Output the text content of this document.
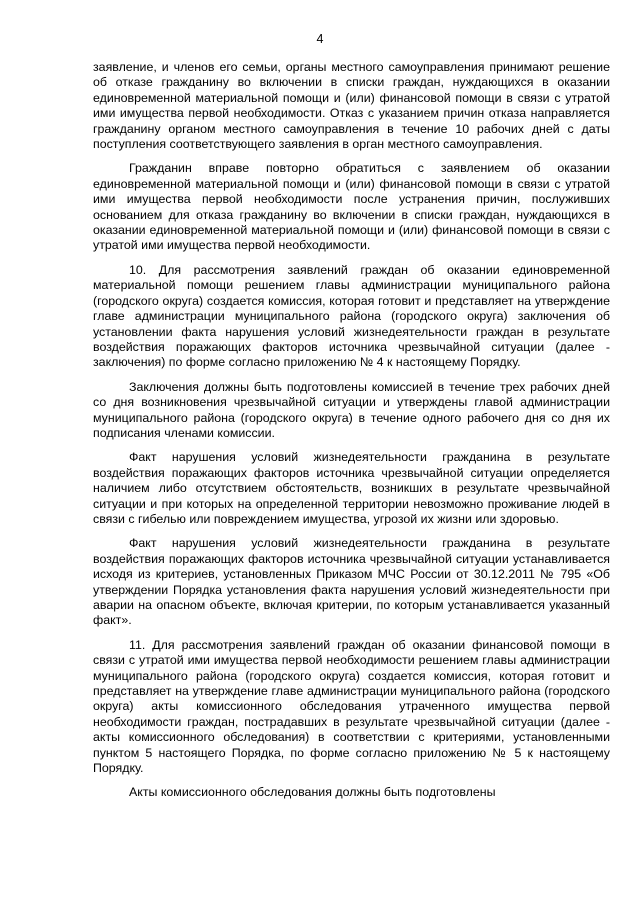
4

заявление, и членов его семьи, органы местного самоуправления принимают решение об отказе гражданину во включении в списки граждан, нуждающихся в оказании единовременной материальной помощи и (или) финансовой помощи в связи с утратой ими имущества первой необходимости. Отказ с указанием причин отказа направляется гражданину органом местного самоуправления в течение 10 рабочих дней с даты поступления соответствующего заявления в орган местного самоуправления.

Гражданин вправе повторно обратиться с заявлением об оказании единовременной материальной помощи и (или) финансовой помощи в связи с утратой ими имущества первой необходимости после устранения причин, послуживших основанием для отказа гражданину во включении в списки граждан, нуждающихся в оказании единовременной материальной помощи и (или) финансовой помощи в связи с утратой ими имущества первой необходимости.

10. Для рассмотрения заявлений граждан об оказании единовременной материальной помощи решением главы администрации муниципального района (городского округа) создается комиссия, которая готовит и представляет на утверждение главе администрации муниципального района (городского округа) заключения об установлении факта нарушения условий жизнедеятельности граждан в результате воздействия поражающих факторов источника чрезвычайной ситуации (далее - заключения) по форме согласно приложению № 4 к настоящему Порядку.

Заключения должны быть подготовлены комиссией в течение трех рабочих дней со дня возникновения чрезвычайной ситуации и утверждены главой администрации муниципального района (городского округа) в течение одного рабочего дня со дня их подписания членами комиссии.

Факт нарушения условий жизнедеятельности гражданина в результате воздействия поражающих факторов источника чрезвычайной ситуации определяется наличием либо отсутствием обстоятельств, возникших в результате чрезвычайной ситуации и при которых на определенной территории невозможно проживание людей в связи с гибелью или повреждением имущества, угрозой их жизни или здоровью.

Факт нарушения условий жизнедеятельности гражданина в результате воздействия поражающих факторов источника чрезвычайной ситуации устанавливается исходя из критериев, установленных Приказом МЧС России от 30.12.2011 № 795 «Об утверждении Порядка установления факта нарушения условий жизнедеятельности при аварии на опасном объекте, включая критерии, по которым устанавливается указанный факт».

11. Для рассмотрения заявлений граждан об оказании финансовой помощи в связи с утратой ими имущества первой необходимости решением главы администрации муниципального района (городского округа) создается комиссия, которая готовит и представляет на утверждение главе администрации муниципального района (городского округа) акты комиссионного обследования утраченного имущества первой необходимости граждан, пострадавших в результате чрезвычайной ситуации (далее - акты комиссионного обследования) в соответствии с критериями, установленными пунктом 5 настоящего Порядка, по форме согласно приложению № 5 к настоящему Порядку.

Акты комиссионного обследования должны быть подготовлены
